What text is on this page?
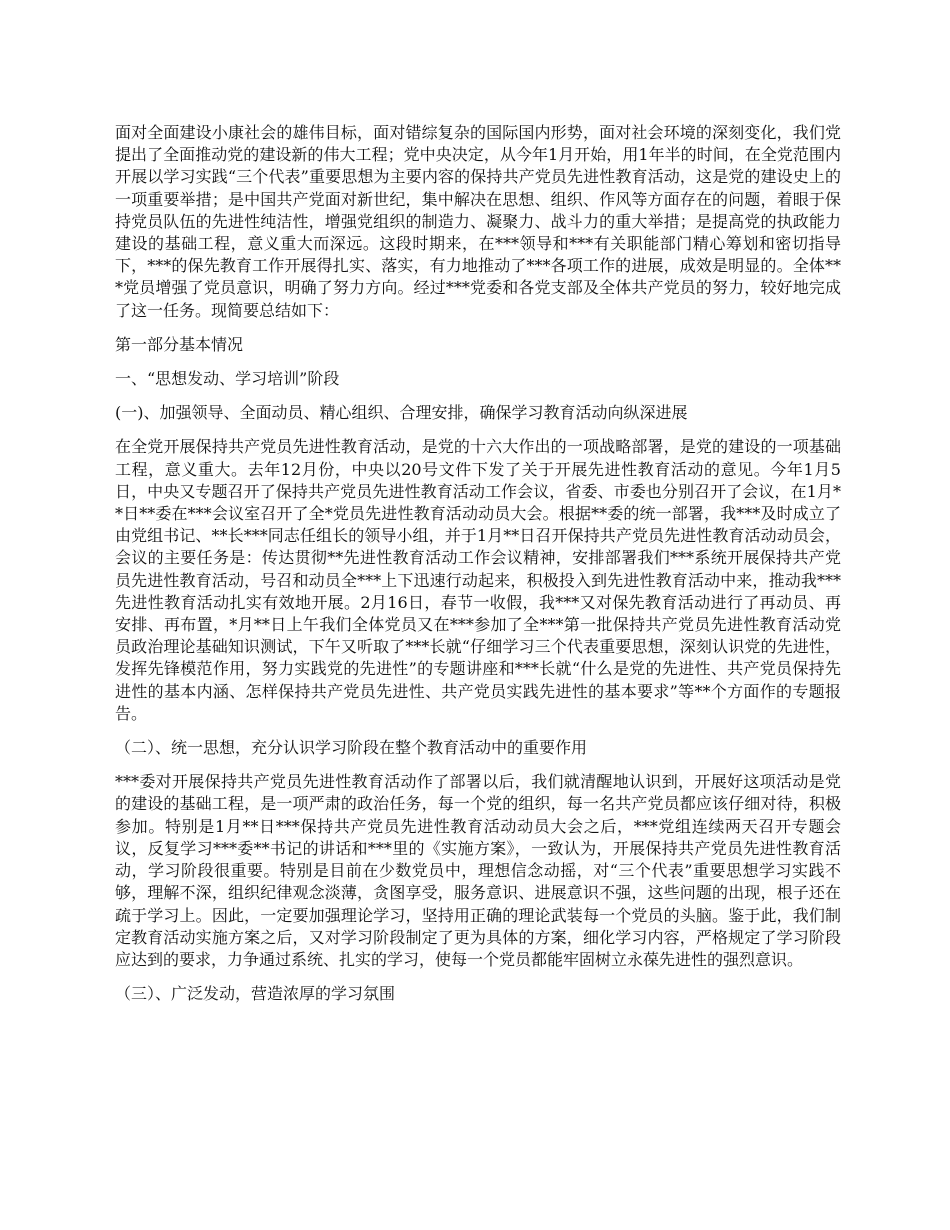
面对全面建设小康社会的雄伟目标，面对错综复杂的国际国内形势，面对社会环境的深刻变化，我们党提出了全面推动党的建设新的伟大工程；党中央决定，从今年1月开始，用1年半的时间，在全党范围内开展以学习实践“三个代表”重要思想为主要内容的保持共产党员先进性教育活动，这是党的建设史上的一项重要举措；是中国共产党面对新世纪，集中解决在思想、组织、作风等方面存在的问题，着眼于保持党员队伍的先进性纯洁性，增强党组织的制造力、凝聚力、战斗力的重大举措；是提高党的执政能力建设的基础工程，意义重大而深远。这段时期来，在***领导和***有关职能部门精心筹划和密切指导下，***的保先教育工作开展得扎实、落实，有力地推动了***各项工作的进展，成效是明显的。全体***党员增强了党员意识，明确了努力方向。经过***党委和各党支部及全体共产党员的努力，较好地完成了这一任务。现简要总结如下：

第一部分基本情况

一、“思想发动、学习培训”阶段

(一)、加强领导、全面动员、精心组织、合理安排，确保学习教育活动向纵深进展

在全党开展保持共产党员先进性教育活动，是党的十六大作出的一项战略部署，是党的建设的一项基础工程，意义重大。去年12月份，中央以20号文件下发了关于开展先进性教育活动的意见。今年1月5日，中央又专题召开了保持共产党员先进性教育活动工作会议，省委、市委也分别召开了会议，在1月**日**委在***会议室召开了全*党员先进性教育活动动员大会。根据**委的统一部署，我***及时成立了由党组书记、**长***同志任组长的领导小组，并于1月**日召开保持共产党员先进性教育活动动员会，会议的主要任务是：传达贯彻**先进性教育活动工作会议精神，安排部署我们***系统开展保持共产党员先进性教育活动，号召和动员全***上下迅速行动起来，积极投入到先进性教育活动中来，推动我***先进性教育活动扎实有效地开展。2月16日，春节一收假，我***又对保先教育活动进行了再动员、再安排、再布置，*月**日上午我们全体党员又在***参加了全***第一批保持共产党员先进性教育活动党员政治理论基础知识测试，下午又听取了***长就“仔细学习三个代表重要思想，深刻认识党的先进性，发挥先锋模范作用，努力实践党的先进性”的专题讲座和***长就“什么是党的先进性、共产党员保持先进性的基本内涵、怎样保持共产党员先进性、共产党员实践先进性的基本要求”等**个方面作的专题报告。

（二）、统一思想，充分认识学习阶段在整个教育活动中的重要作用

***委对开展保持共产党员先进性教育活动作了部署以后，我们就清醒地认识到，开展好这项活动是党的建设的基础工程，是一项严肃的政治任务，每一个党的组织，每一名共产党员都应该仔细对待，积极参加。特别是1月**日***保持共产党员先进性教育活动动员大会之后，***党组连续两天召开专题会议，反复学习***委**书记的讲话和***里的《实施方案》，一致认为，开展保持共产党员先进性教育活动，学习阶段很重要。特别是目前在少数党员中，理想信念动摇，对“三个代表”重要思想学习实践不够，理解不深，组织纪律观念淡薄，贪图享受，服务意识、进展意识不强，这些问题的出现，根子还在疏于学习上。因此，一定要加强理论学习，坚持用正确的理论武装每一个党员的头脑。鉴于此，我们制定教育活动实施方案之后，又对学习阶段制定了更为具体的方案，细化学习内容，严格规定了学习阶段应达到的要求，力争通过系统、扎实的学习，使每一个党员都能牢固树立永葆先进性的强烈意识。

（三）、广泛发动，营造浓厚的学习氛围
